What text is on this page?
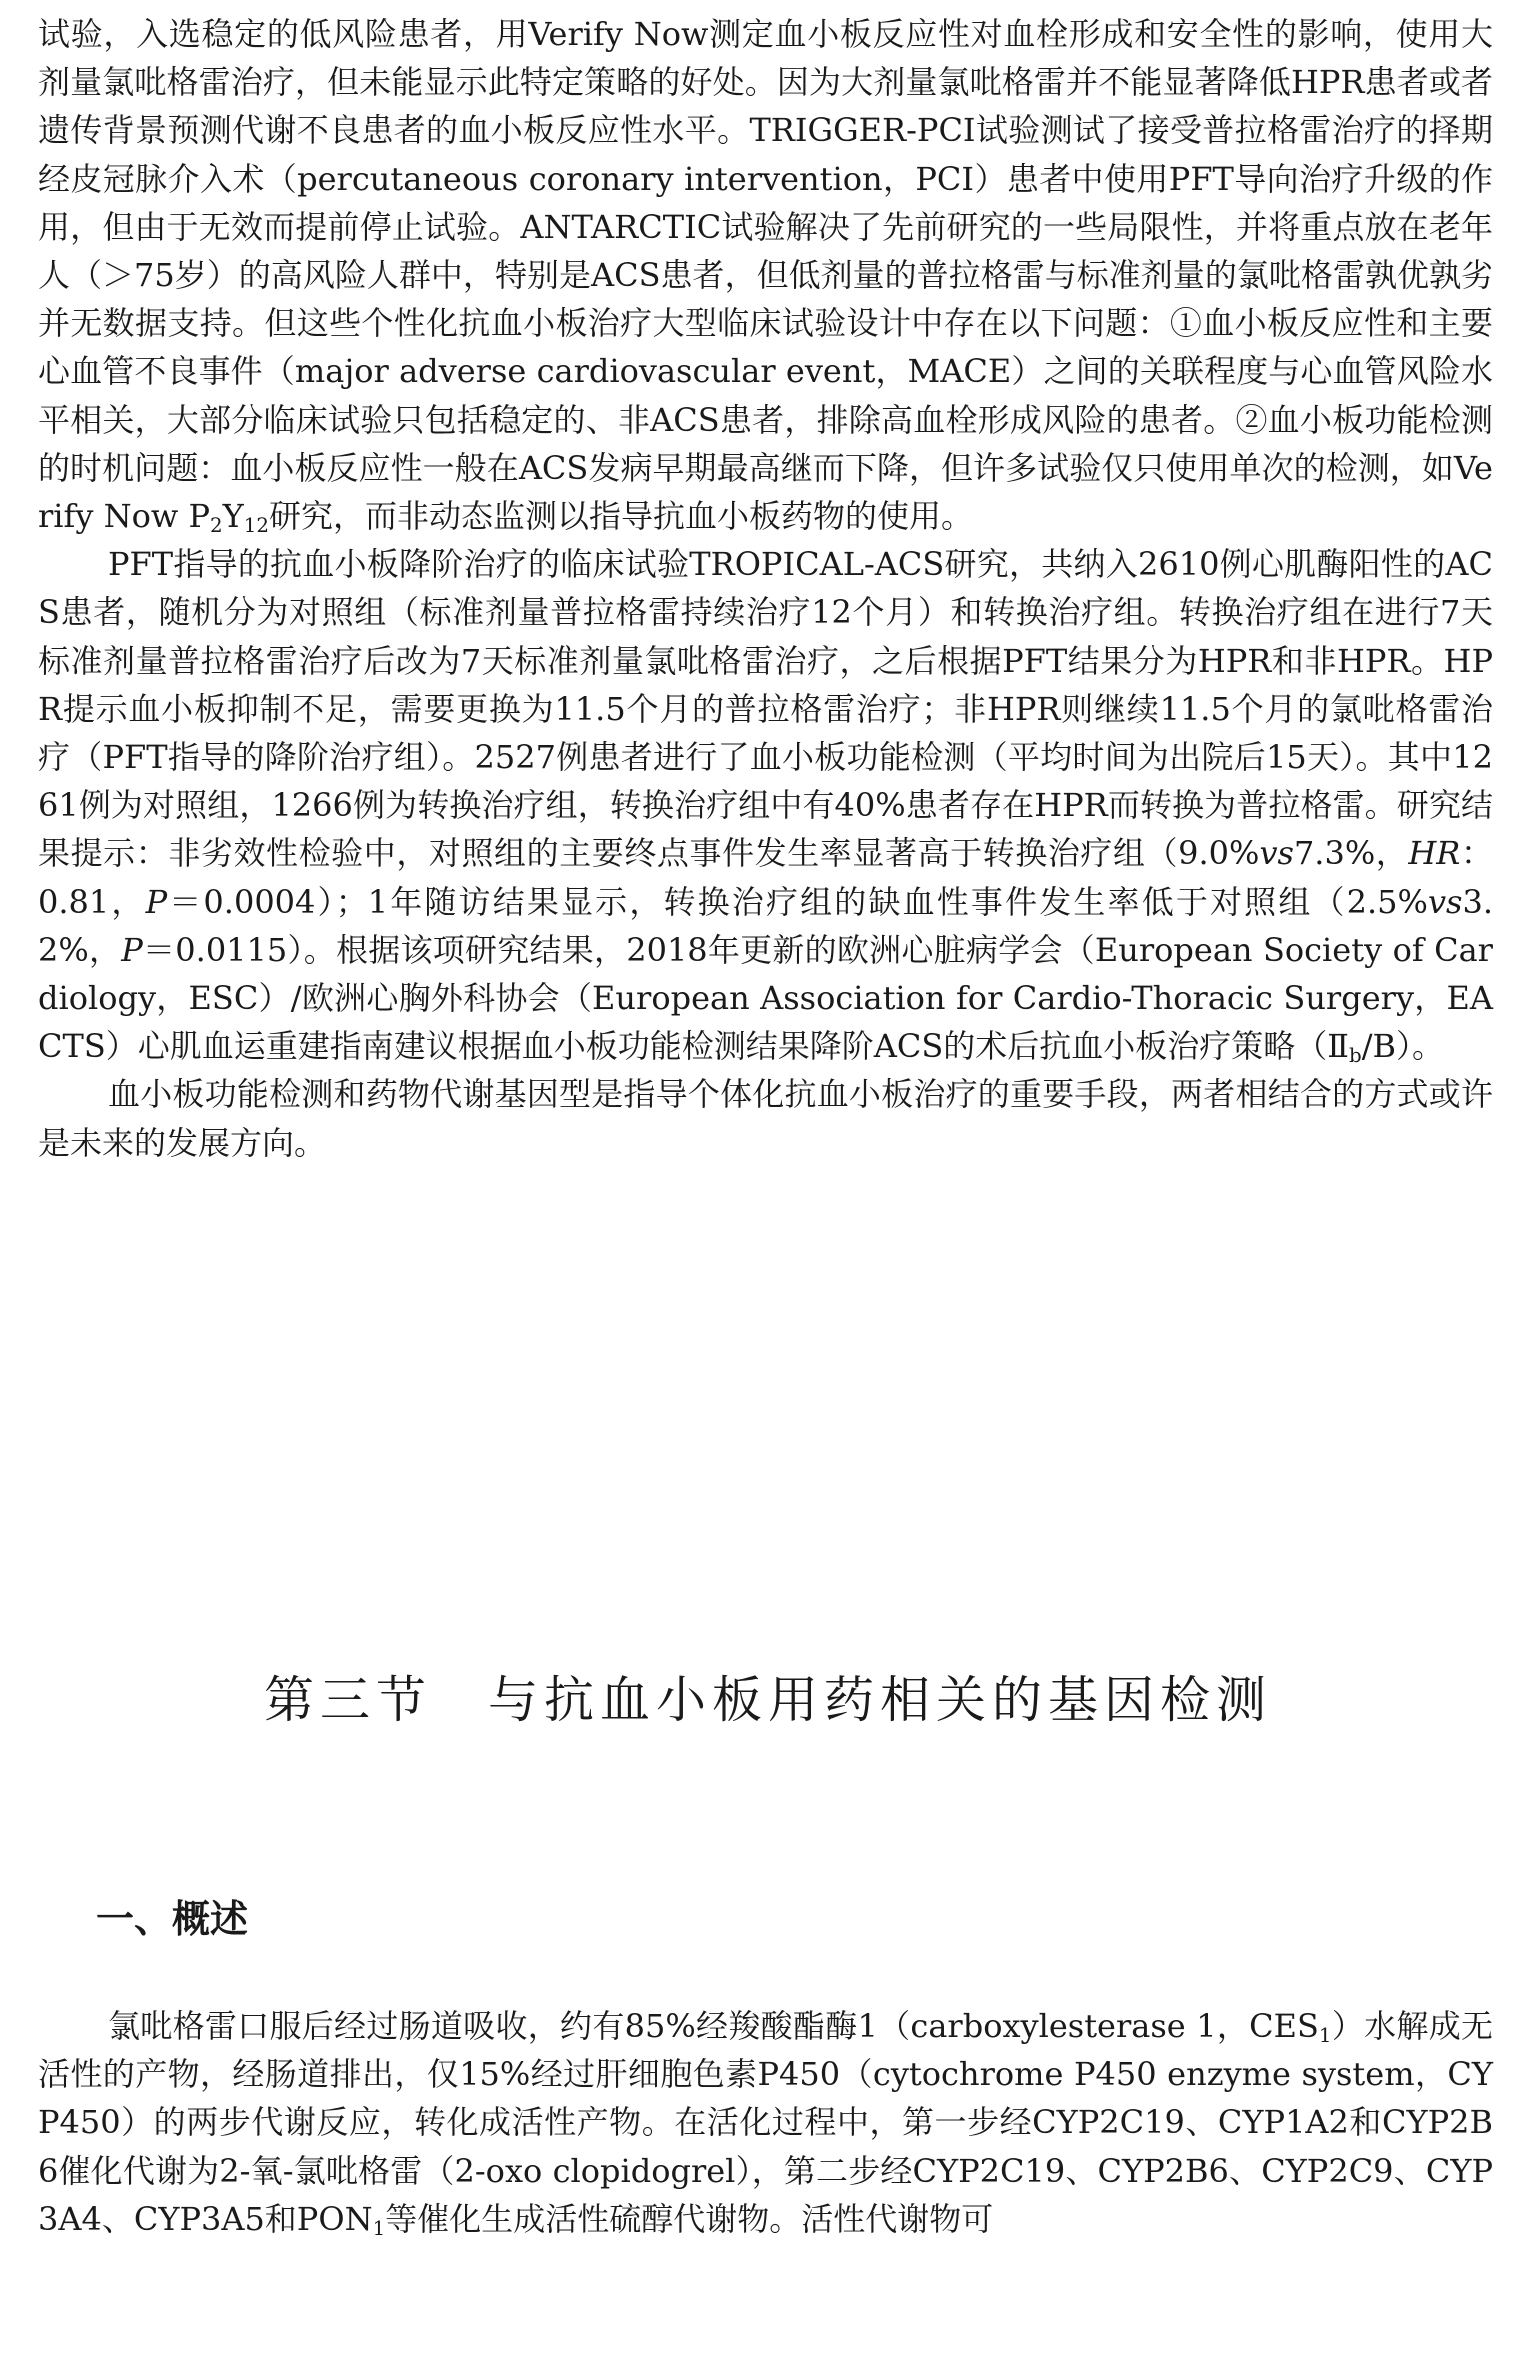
试验，入选稳定的低风险患者，用Verify Now测定血小板反应性对血栓形成和安全性的影响，使用大剂量氯吡格雷治疗，但未能显示此特定策略的好处。因为大剂量氯吡格雷并不能显著降低HPR患者或者遗传背景预测代谢不良患者的血小板反应性水平。TRIGGER-PCI试验测试了接受普拉格雷治疗的择期经皮冠脉介入术（percutaneous coronary intervention，PCI）患者中使用PFT导向治疗升级的作用，但由于无效而提前停止试验。ANTARCTIC试验解决了先前研究的一些局限性，并将重点放在老年人（＞75岁）的高风险人群中，特别是ACS患者，但低剂量的普拉格雷与标准剂量的氯吡格雷孰优孰劣并无数据支持。但这些个性化抗血小板治疗大型临床试验设计中存在以下问题：①血小板反应性和主要心血管不良事件（major adverse cardiovascular event，MACE）之间的关联程度与心血管风险水平相关，大部分临床试验只包括稳定的、非ACS患者，排除高血栓形成风险的患者。②血小板功能检测的时机问题：血小板反应性一般在ACS发病早期最高继而下降，但许多试验仅只使用单次的检测，如Verify Now $P_2Y_{12}$研究，而非动态监测以指导抗血小板药物的使用。

PFT指导的抗血小板降阶治疗的临床试验TROPICAL-ACS研究，共纳入2610例心肌酶阳性的ACS患者，随机分为对照组（标准剂量普拉格雷持续治疗12个月）和转换治疗组。转换治疗组在进行7天标准剂量普拉格雷治疗后改为7天标准剂量氯吡格雷治疗，之后根据PFT结果分为HPR和非HPR。HPR提示血小板抑制不足，需要更换为11.5个月的普拉格雷治疗；非HPR则继续11.5个月的氯吡格雷治疗（PFT指导的降阶治疗组）。2527例患者进行了血小板功能检测（平均时间为出院后15天）。其中1261例为对照组，1266例为转换治疗组，转换治疗组中有40%患者存在HPR而转换为普拉格雷。研究结果提示：非劣效性检验中，对照组的主要终点事件发生率显著高于转换治疗组（9.0%vs7.3%，HR：0.81，P＝0.0004）；1年随访结果显示，转换治疗组的缺血性事件发生率低于对照组（2.5%vs3.2%，P＝0.0115）。根据该项研究结果，2018年更新的欧洲心脏病学会（European Society of Cardiology，ESC）/欧洲心胸外科协会（European Association for Cardio-Thoracic Surgery，EACTS）心肌血运重建指南建议根据血小板功能检测结果降阶ACS的术后抗血小板治疗策略$(Ⅱ_b/B)$。

血小板功能检测和药物代谢基因型是指导个体化抗血小板治疗的重要手段，两者相结合的方式或许是未来的发展方向。

第三节　与抗血小板用药相关的基因检测
一、概述

氯吡格雷口服后经过肠道吸收，约有85%经羧酸酯酶1（carboxylesterase 1，$CES_1$）水解成无活性的产物，经肠道排出，仅15%经过肝细胞色素P450（cytochrome P450 enzyme system，CYP450）的两步代谢反应，转化成活性产物。在活化过程中，第一步经CYP2C19、CYP1A2和CYP2B6催化代谢为2-氧-氯吡格雷（2-oxo clopidogrel），第二步经CYP2C19、CYP2B6、CYP2C9、CYP3A4、CYP3A5和$PON_1$等催化生成活性硫醇代谢物。活性代谢物可
